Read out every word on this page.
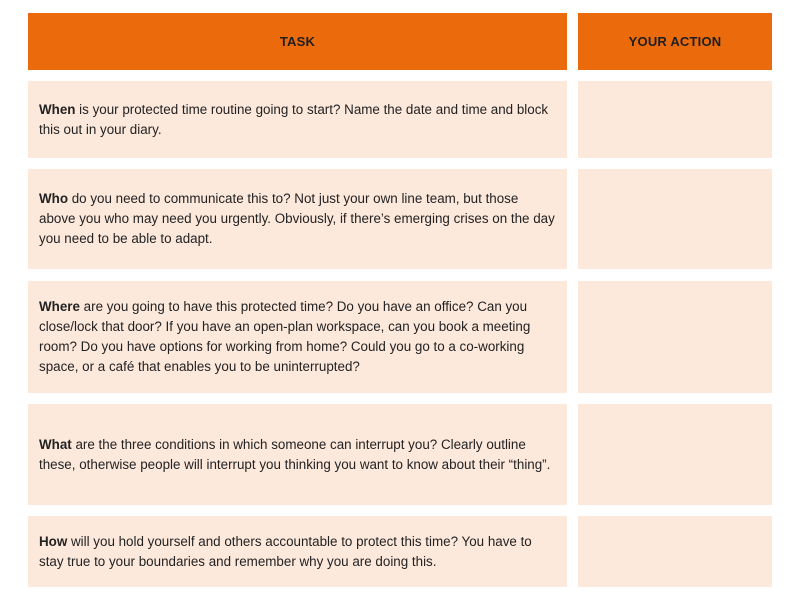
TASK	YOUR ACTION
When is your protected time routine going to start? Name the date and time and block this out in your diary.
Who do you need to communicate this to? Not just your own line team, but those above you who may need you urgently. Obviously, if there’s emerging crises on the day you need to be able to adapt.
Where are you going to have this protected time? Do you have an office? Can you close/lock that door? If you have an open-plan workspace, can you book a meeting room? Do you have options for working from home? Could you go to a co-working space, or a café that enables you to be uninterrupted?
What are the three conditions in which someone can interrupt you? Clearly outline these, otherwise people will interrupt you thinking you want to know about their “thing”.
How will you hold yourself and others accountable to protect this time? You have to stay true to your boundaries and remember why you are doing this.
